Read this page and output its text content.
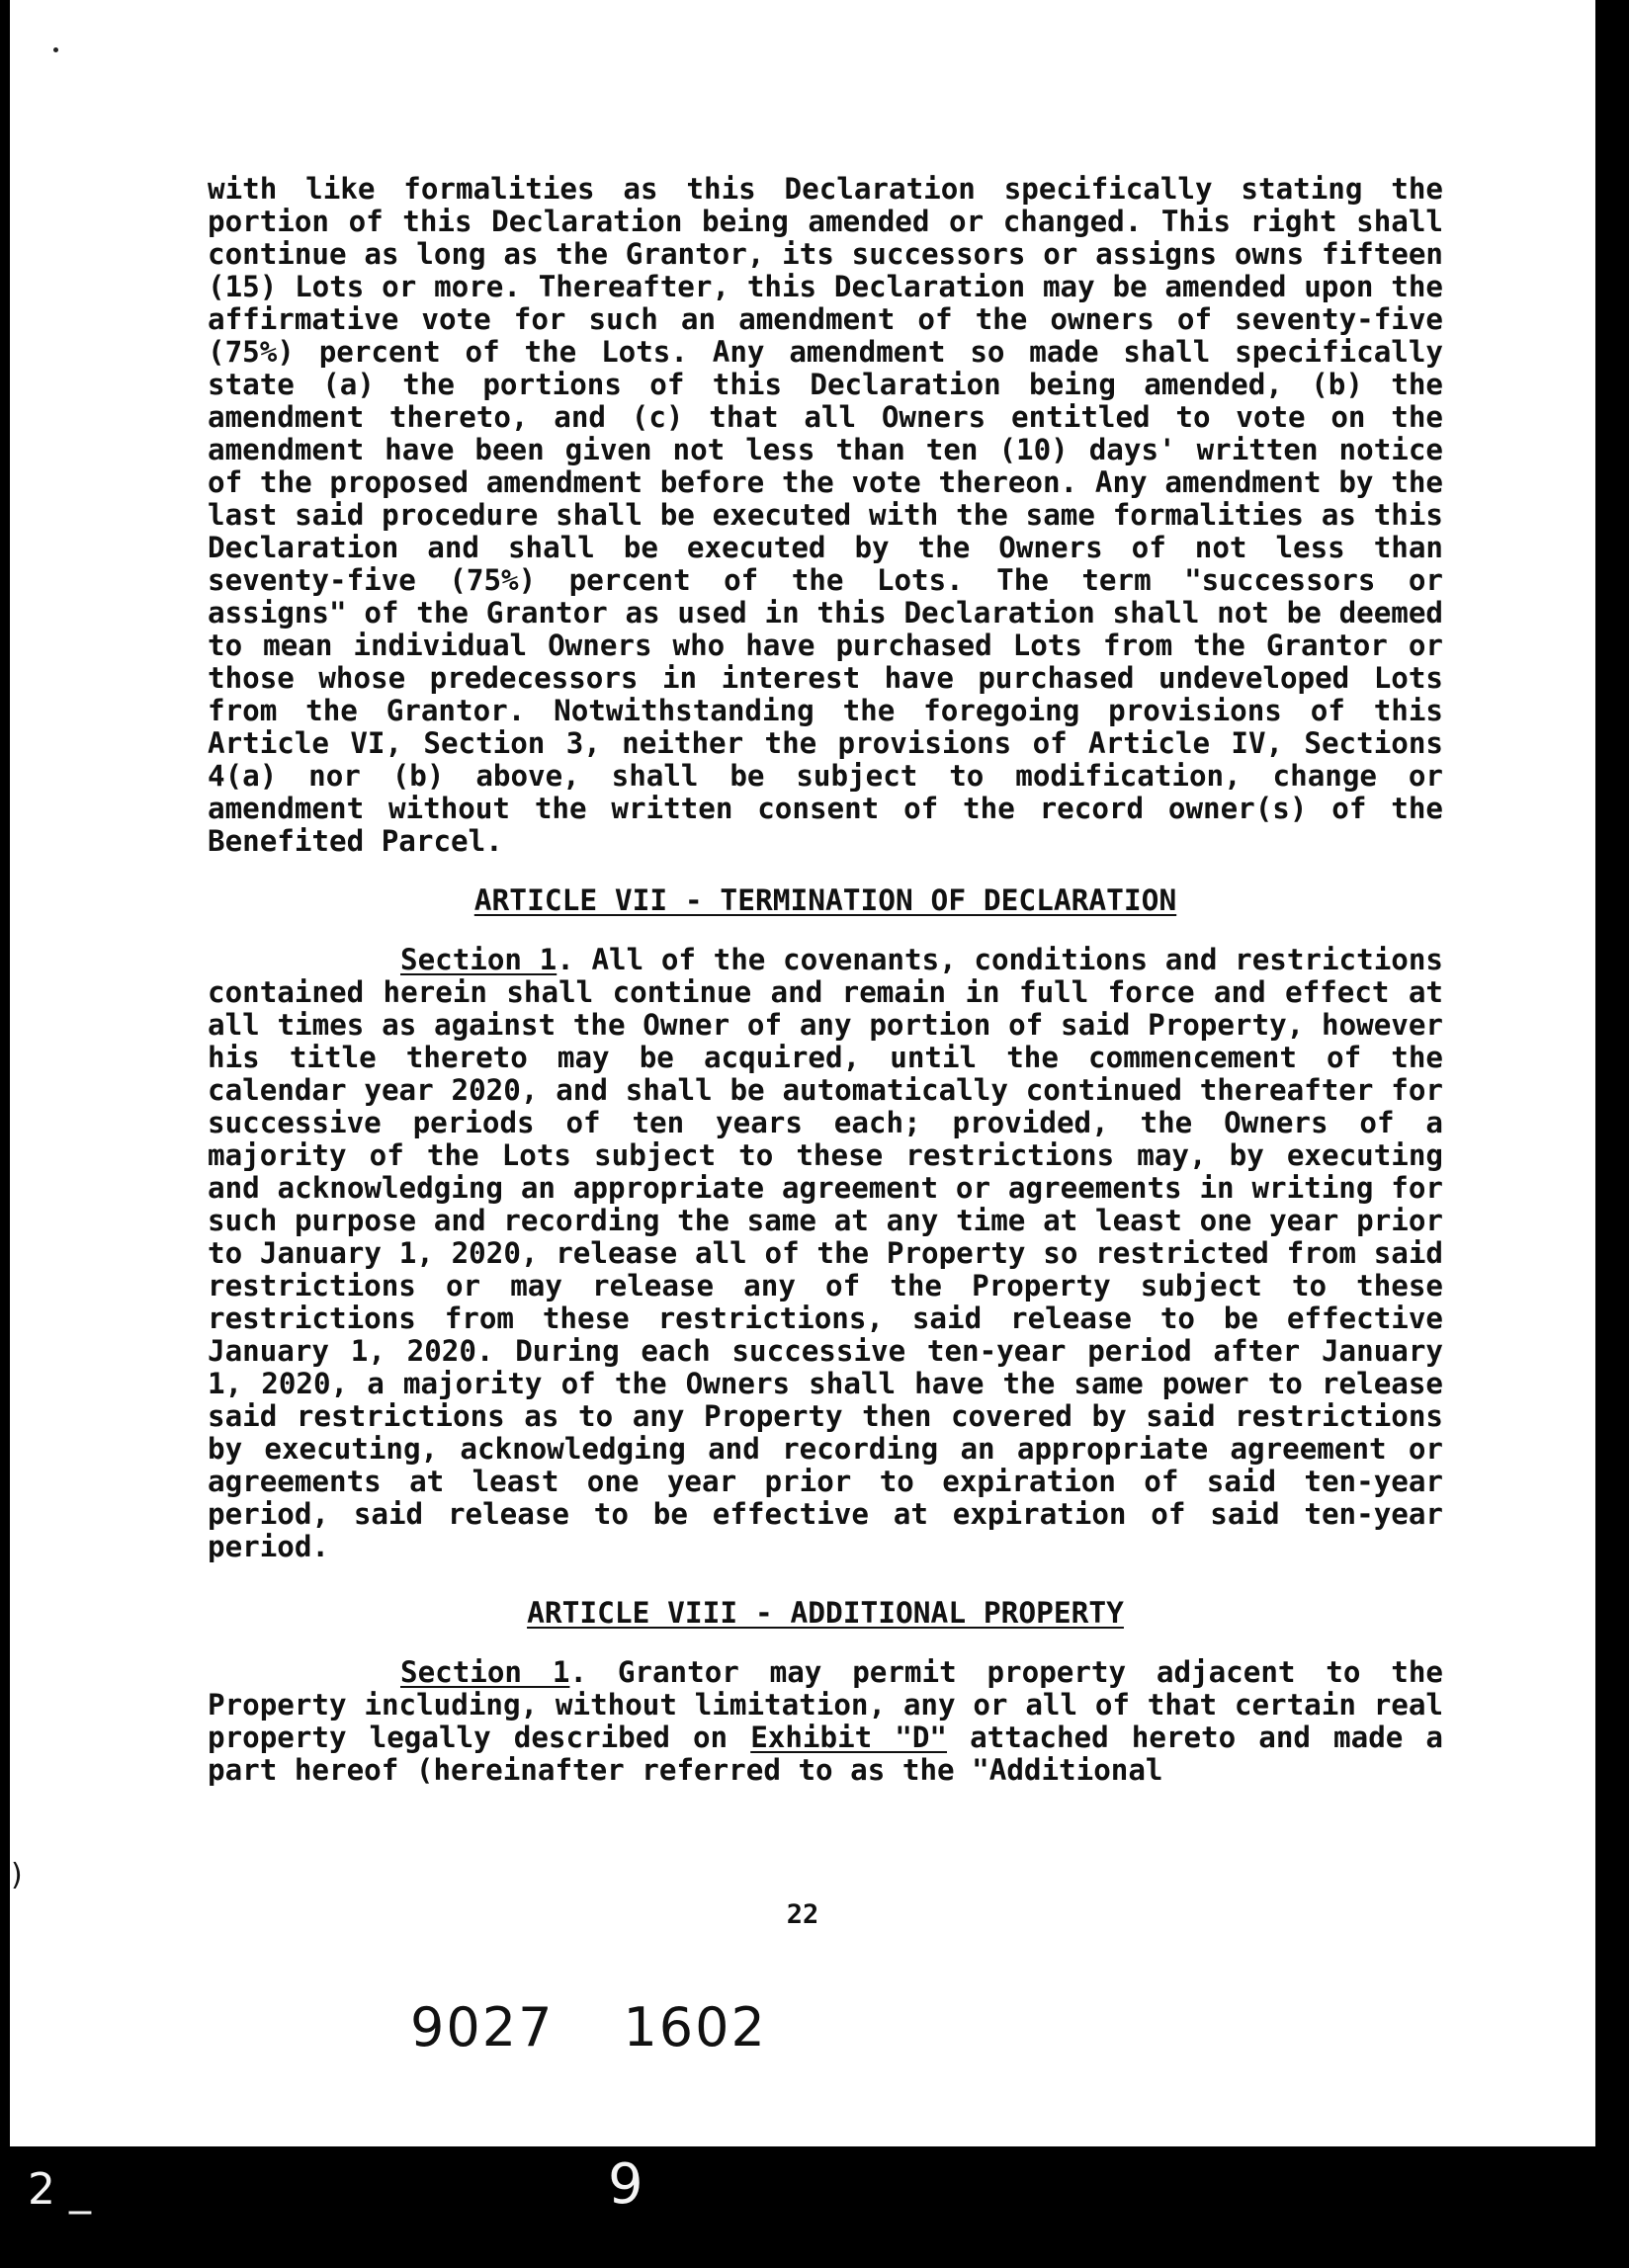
)

with like formalities as this Declaration specifically stating the portion of this Declaration being amended or changed. This right shall continue as long as the Grantor, its successors or assigns owns fifteen (15) Lots or more. Thereafter, this Declaration may be amended upon the affirmative vote for such an amendment of the owners of seventy-five (75%) percent of the Lots. Any amendment so made shall specifically state (a) the portions of this Declaration being amended, (b) the amendment thereto, and (c) that all Owners entitled to vote on the amendment have been given not less than ten (10) days' written notice of the proposed amendment before the vote thereon. Any amendment by the last said procedure shall be executed with the same formalities as this Declaration and shall be executed by the Owners of not less than seventy-five (75%) percent of the Lots. The term "successors or assigns" of the Grantor as used in this Declaration shall not be deemed to mean individual Owners who have purchased Lots from the Grantor or those whose predecessors in interest have purchased undeveloped Lots from the Grantor. Notwithstanding the foregoing provisions of this Article VI, Section 3, neither the provisions of Article IV, Sections 4(a) nor (b) above, shall be subject to modification, change or amendment without the written consent of the record owner(s) of the Benefited Parcel.

ARTICLE VII - TERMINATION OF DECLARATION

Section 1. All of the covenants, conditions and restrictions contained herein shall continue and remain in full force and effect at all times as against the Owner of any portion of said Property, however his title thereto may be acquired, until the commencement of the calendar year 2020, and shall be automatically continued thereafter for successive periods of ten years each; provided, the Owners of a majority of the Lots subject to these restrictions may, by executing and acknowledging an appropriate agreement or agreements in writing for such purpose and recording the same at any time at least one year prior to January 1, 2020, release all of the Property so restricted from said restrictions or may release any of the Property subject to these restrictions from these restrictions, said release to be effective January 1, 2020. During each successive ten-year period after January 1, 2020, a majority of the Owners shall have the same power to release said restrictions as to any Property then covered by said restrictions by executing, acknowledging and recording an appropriate agreement or agreements at least one year prior to expiration of said ten-year period, said release to be effective at expiration of said ten-year period.

ARTICLE VIII - ADDITIONAL PROPERTY

Section 1. Grantor may permit property adjacent to the Property including, without limitation, any or all of that certain real property legally described on Exhibit "D" attached hereto and made a part hereof (hereinafter referred to as the "Additional

22
9027 1602
2 _	9
